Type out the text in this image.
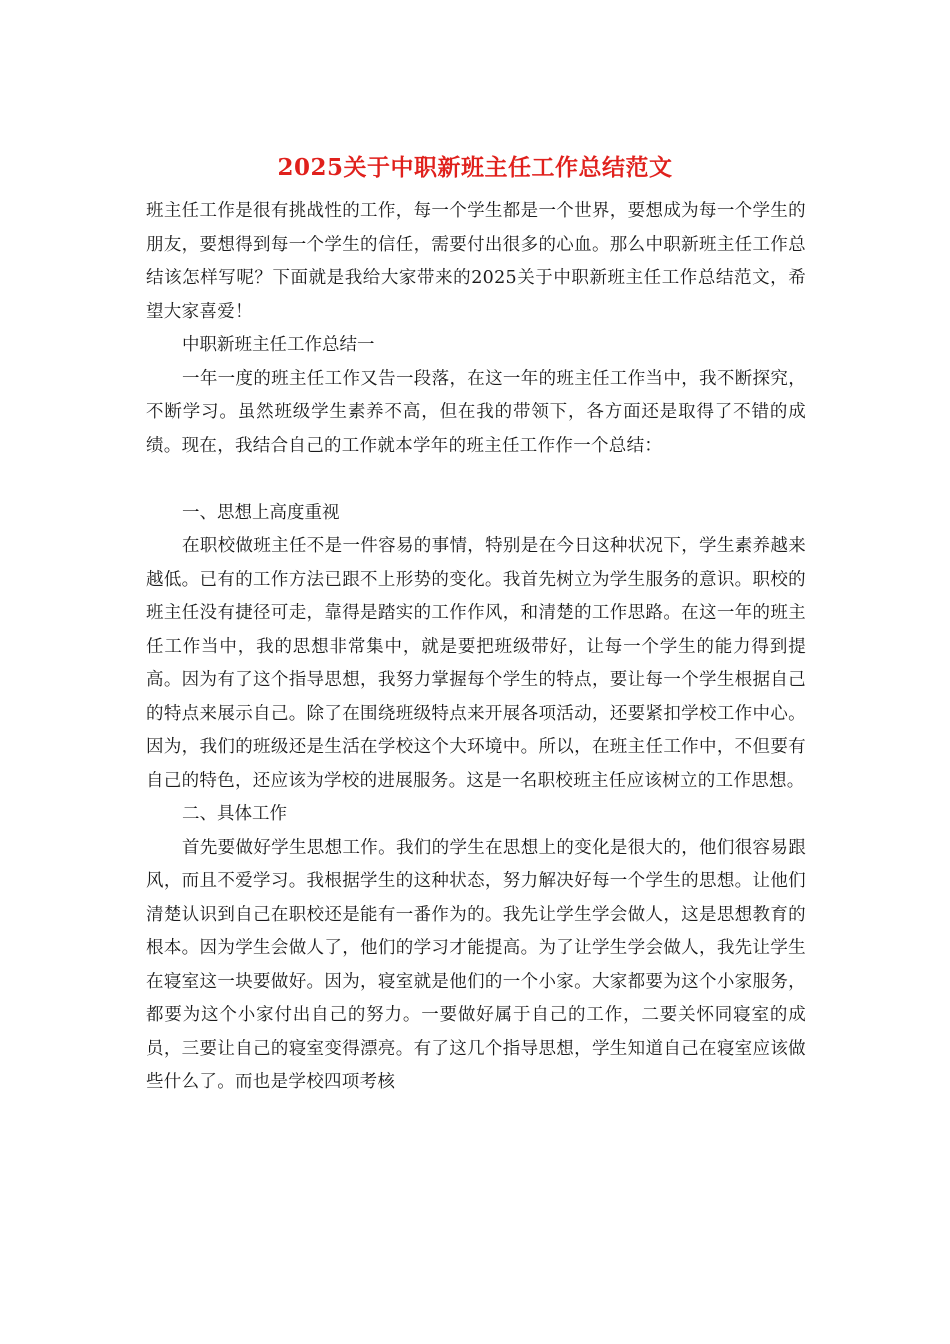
2025关于中职新班主任工作总结范文

班主任工作是很有挑战性的工作，每一个学生都是一个世界，要想成为每一个学生的朋友，要想得到每一个学生的信任，需要付出很多的心血。那么中职新班主任工作总结该怎样写呢？下面就是我给大家带来的2025关于中职新班主任工作总结范文，希望大家喜爱！

中职新班主任工作总结一

一年一度的班主任工作又告一段落，在这一年的班主任工作当中，我不断探究，不断学习。虽然班级学生素养不高，但在我的带领下，各方面还是取得了不错的成绩。现在，我结合自己的工作就本学年的班主任工作作一个总结：

一、思想上高度重视

在职校做班主任不是一件容易的事情，特别是在今日这种状况下，学生素养越来越低。已有的工作方法已跟不上形势的变化。我首先树立为学生服务的意识。职校的班主任没有捷径可走，靠得是踏实的工作作风，和清楚的工作思路。在这一年的班主任工作当中，我的思想非常集中，就是要把班级带好，让每一个学生的能力得到提高。因为有了这个指导思想，我努力掌握每个学生的特点，要让每一个学生根据自己的特点来展示自己。除了在围绕班级特点来开展各项活动，还要紧扣学校工作中心。因为，我们的班级还是生活在学校这个大环境中。所以，在班主任工作中，不但要有自己的特色，还应该为学校的进展服务。这是一名职校班主任应该树立的工作思想。

二、具体工作

首先要做好学生思想工作。我们的学生在思想上的变化是很大的，他们很容易跟风，而且不爱学习。我根据学生的这种状态，努力解决好每一个学生的思想。让他们清楚认识到自己在职校还是能有一番作为的。我先让学生学会做人，这是思想教育的根本。因为学生会做人了，他们的学习才能提高。为了让学生学会做人，我先让学生在寝室这一块要做好。因为，寝室就是他们的一个小家。大家都要为这个小家服务，都要为这个小家付出自己的努力。一要做好属于自己的工作，二要关怀同寝室的成员，三要让自己的寝室变得漂亮。有了这几个指导思想，学生知道自己在寝室应该做些什么了。而也是学校四项考核
